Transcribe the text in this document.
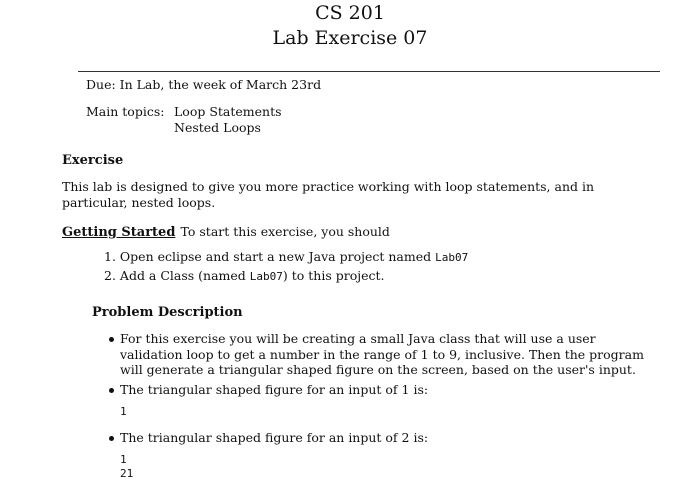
CS 201
Lab Exercise 07
Due: In Lab, the week of March 23rd
Main topics: Loop Statements
Nested Loops
Exercise
This lab is designed to give you more practice working with loop statements, and in particular, nested loops.
Getting Started To start this exercise, you should
1. Open eclipse and start a new Java project named Lab07
2. Add a Class (named Lab07) to this project.
Problem Description
For this exercise you will be creating a small Java class that will use a user validation loop to get a number in the range of 1 to 9, inclusive. Then the program will generate a triangular shaped figure on the screen, based on the user's input.
The triangular shaped figure for an input of 1 is:
1
The triangular shaped figure for an input of 2 is:
1
21
